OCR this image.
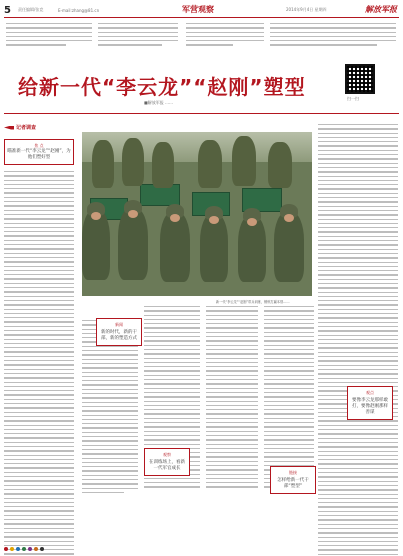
5	责任编辑/张竞	E-mail:zhang@81.cn	军营观察	2014年9月4日 星期四	解放军报
给新一代“李云龙”“赵刚”塑型
■解放军报 ……
扫一扫
记者调查
焦 点
瞄准新一代“李云龙”“赵刚”，为他们塑好型
新一代“李云龙”“赵刚”带兵训练，锤炼打赢本领……
新闻
新的时代，新的干部，新的塑造方式
观察
在训练场上，看新一代军官成长
观点
要像李云龙那样敢打，要像赵刚那样善谋
链接
怎样给新一代干部“塑型”
